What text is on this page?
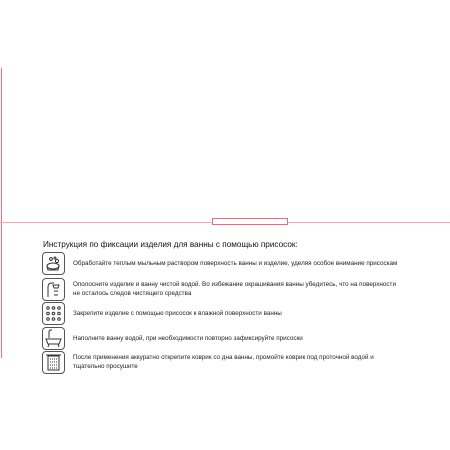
Инструкция по фиксации изделия для ванны с помощью присосок:
Обработайте теплым мыльным раствором поверхность ванны и изделие, уделяя особое внимание присоскам
Ополосните изделие и ванну чистой водой. Во избежание окрашивания ванны убедитесь, что на поверхности
не осталось следов чистящего средства
Закрепите изделие с помощью присосок к влажной поверхности ванны
Наполните ванну водой, при необходимости повторно зафиксируйте присоски
После применения аккуратно открепите коврик со дна ванны, промойте коврик под проточной водой и
тщательно просушите
